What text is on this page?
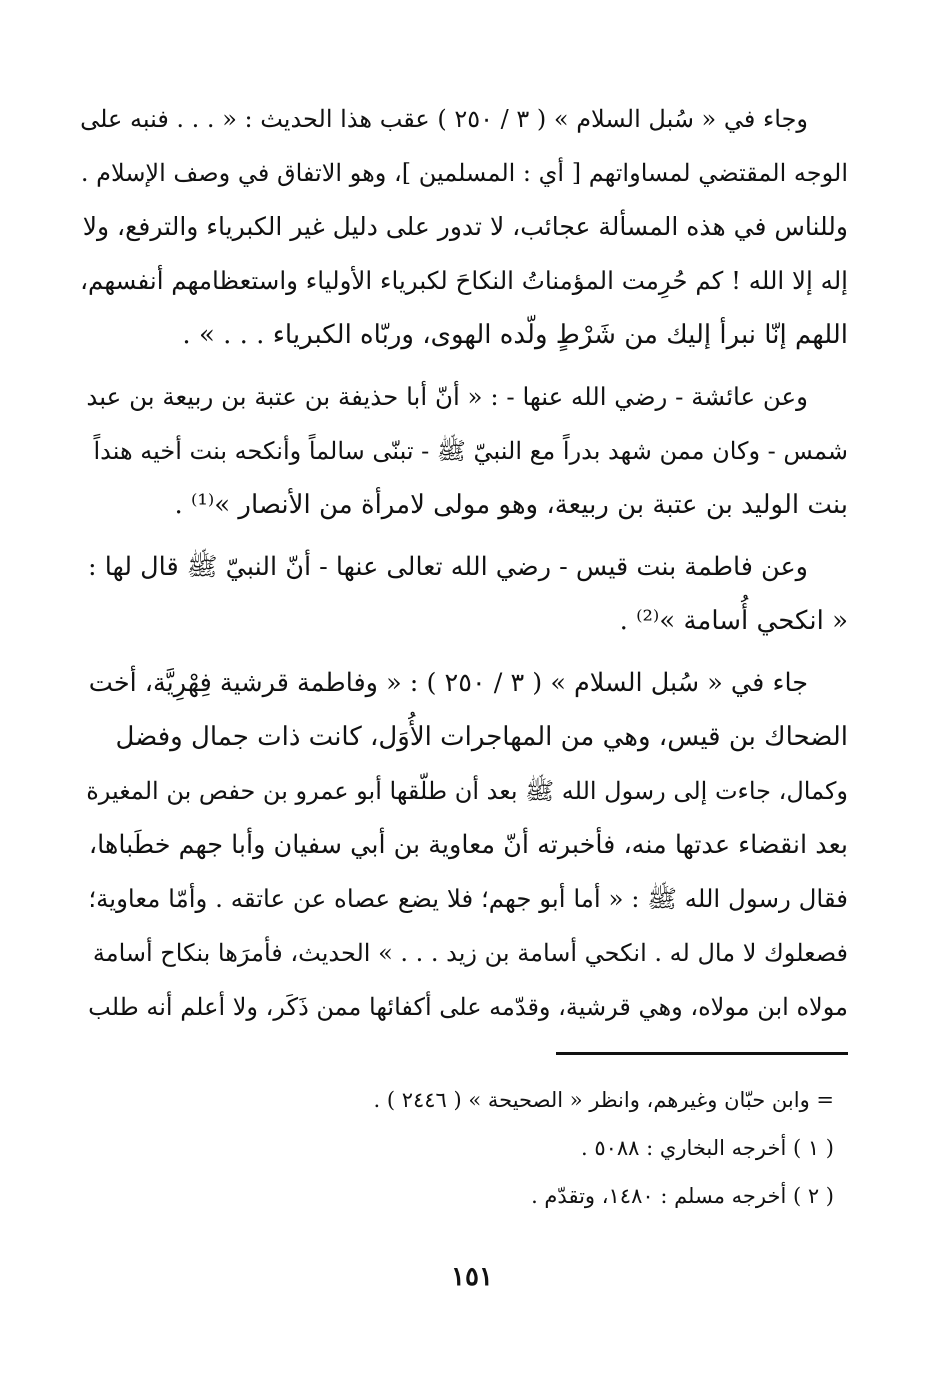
وجاء في « سُبل السلام » ( ٣ / ٢٥٠ ) عقب هذا الحديث : « . . . فنبه على
الوجه المقتضي لمساواتهم [ أي : المسلمين ]، وهو الاتفاق في وصف الإسلام .
وللناس في هذه المسألة عجائب، لا تدور على دليل غير الكبرياء والترفع، ولا
إله إلا الله ! كم حُرِمت المؤمناتُ النكاحَ لكبرياء الأولياء واستعظامهم أنفسهم،
اللهم إنّا نبرأ إليك من شَرْطٍ ولّده الهوى، وربّاه الكبرياء . . . » .
وعن عائشة - رضي الله عنها - : « أنّ أبا حذيفة بن عتبة بن ربيعة بن عبد
شمس - وكان ممن شهد بدراً مع النبيّ ﷺ - تبنّى سالماً وأنكحه بنت أخيه هنداً
بنت الوليد بن عتبة بن ربيعة، وهو مولى لامرأة من الأنصار »⁽¹⁾ .
وعن فاطمة بنت قيس - رضي الله تعالى عنها - أنّ النبيّ ﷺ قال لها :
« انكحي أُسامة »⁽²⁾ .
جاء في « سُبل السلام » ( ٣ / ٢٥٠ ) : « وفاطمة قرشية فِهْرِيَّة، أخت
الضحاك بن قيس، وهي من المهاجرات الأُوَل، كانت ذات جمال وفضل
وكمال، جاءت إلى رسول الله ﷺ بعد أن طلّقها أبو عمرو بن حفص بن المغيرة
بعد انقضاء عدتها منه، فأخبرته أنّ معاوية بن أبي سفيان وأبا جهم خطَباها،
فقال رسول الله ﷺ : « أما أبو جهم؛ فلا يضع عصاه عن عاتقه . وأمّا معاوية؛
فصعلوك لا مال له . انكحي أسامة بن زيد . . . » الحديث، فأمرَها بنكاح أسامة
مولاه ابن مولاه، وهي قرشية، وقدّمه على أكفائها ممن ذَكَر، ولا أعلم أنه طلب
= وابن حبّان وغيرهم، وانظر « الصحيحة » ( ٢٤٤٦ ) .
( ١ ) أخرجه البخاري : ٥٠٨٨ .
( ٢ ) أخرجه مسلم : ١٤٨٠، وتقدّم .
١٥١
